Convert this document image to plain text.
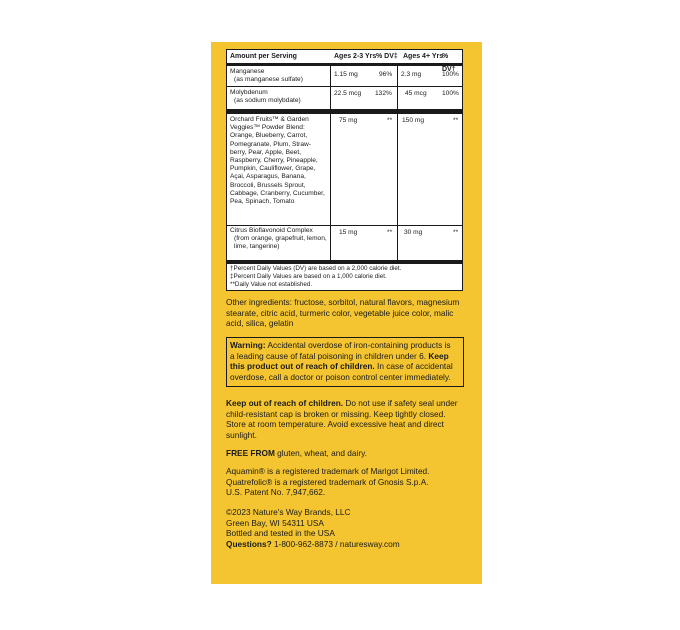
Amount per Serving	Ages 2-3 Yrs % DV‡ Ages 4+ Yrs
% DV†
Manganese
(as manganese sulfate)
1.15 mg	96% 2.3 mg	100%
Molybdenum
(as sodium molybdate)
22.5 mcg 132% 45 mcg 100%
Orchard Fruits™ & Garden
Veggies™ Powder Blend:
Orange, Blueberry, Carrot,
Pomegranate, Plum, Straw-
berry, Pear, Apple, Beet,
Raspberry, Cherry, Pineapple,
Pumpkin, Cauliflower, Grape,
Açai, Asparagus, Banana,
Broccoli, Brussels Sprout,
Cabbage, Cranberry, Cucumber,
Pea, Spinach, Tomato
75 mg	** 150 mg	**
Citrus Bioflavonoid Complex
(from orange, grapefruit, lemon,
lime, tangerine)
15 mg	** 30 mg	**
†Percent Daily Values (DV) are based on a 2,000 calorie diet.
‡Percent Daily Values are based on a 1,000 calorie diet.
**Daily Value not established.
Other ingredients: fructose, sorbitol, natural flavors, magnesium
stearate, citric acid, turmeric color, vegetable juice color, malic
acid, silica, gelatin
Warning: Accidental overdose of iron-containing products is
a leading cause of fatal poisoning in children under 6. Keep
this product out of reach of children. In case of accidental
overdose, call a doctor or poison control center immediately.
Keep out of reach of children. Do not use if safety seal under
child-resistant cap is broken or missing. Keep tightly closed.
Store at room temperature. Avoid excessive heat and direct
sunlight.
FREE FROM gluten, wheat, and dairy.
Aquamin® is a registered trademark of Marigot Limited.
Quatrefolic® is a registered trademark of Gnosis S.p.A.
U.S. Patent No. 7,947,662.
©2023 Nature's Way Brands, LLC
Green Bay, WI 54311 USA
Bottled and tested in the USA
Questions? 1-800-962-8873 / naturesway.com
